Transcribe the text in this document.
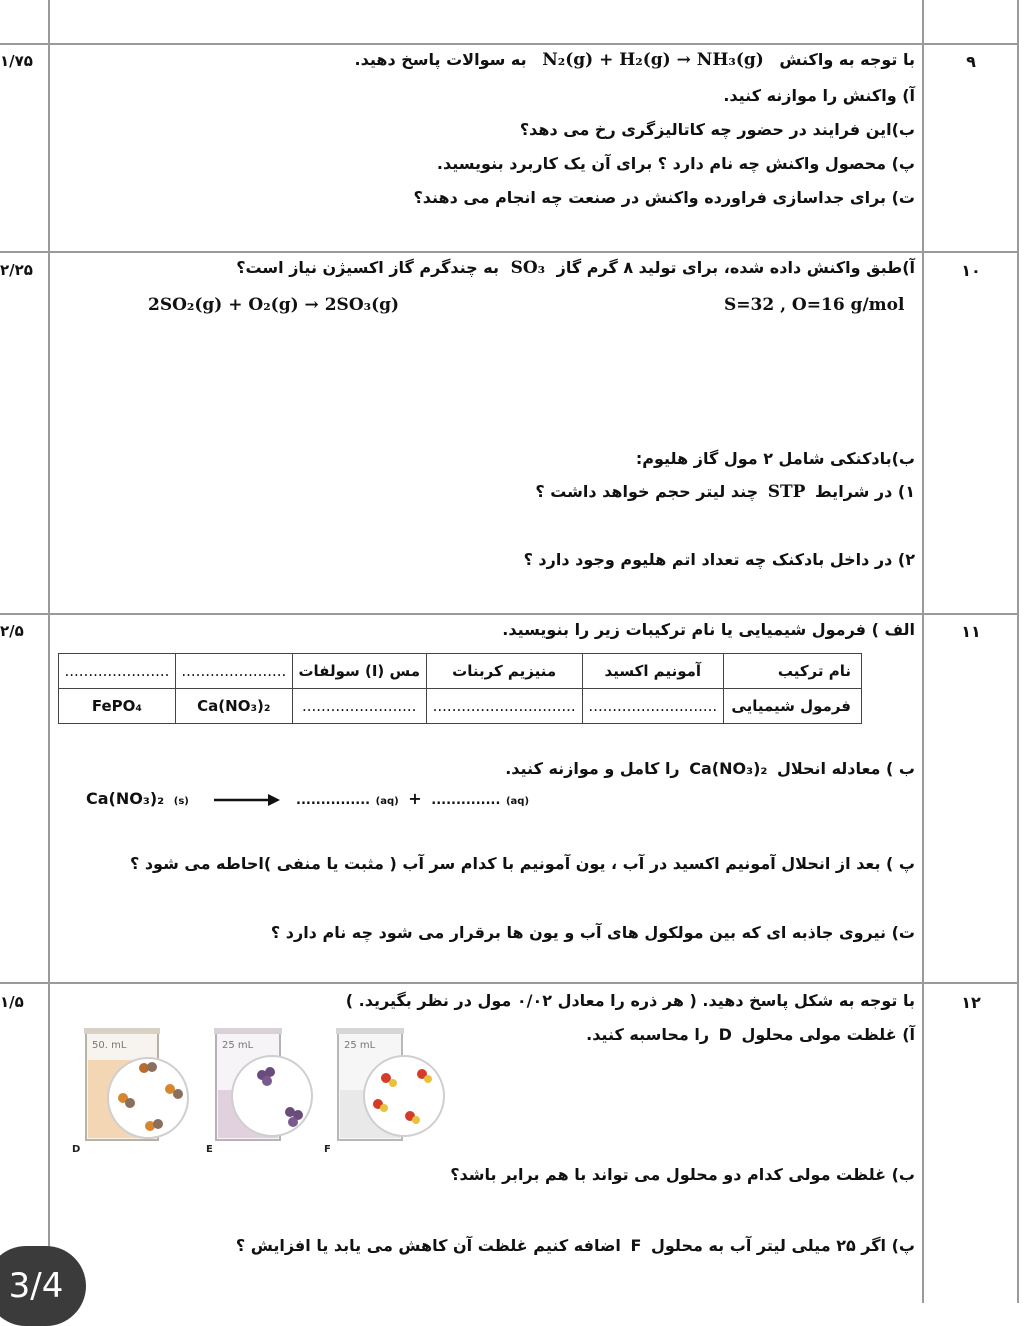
۹
۱/۷۵	با توجه به واکنش N₂(g) + H₂(g) → NH₃(g) به سوالات پاسخ دهید.
آ) واکنش را موازنه کنید.
ب)این فرایند در حضور چه کاتالیزگری رخ می دهد؟
پ) محصول واکنش چه نام دارد ؟ برای آن یک کاربرد بنویسید.
ت) برای جداسازی فراورده واکنش در صنعت چه انجام می دهند؟
۱۰
۲/۲۵	آ)طبق واکنش داده شده، برای تولید ۸ گرم گاز SO₃ به چندگرم گاز اکسیژن نیاز است؟
2SO₂(g) + O₂(g) → 2SO₃(g)	S=32 , O=16 g/mol
ب)بادکنکی شامل ۲ مول گاز هلیوم:
۱) در شرایط STP چند لیتر حجم خواهد داشت ؟
۲) در داخل بادکنک چه تعداد اتم هلیوم وجود دارد ؟
۱۱
۲/۵	الف ) فرمول شیمیایی یا نام ترکیبات زیر را بنویسید.
نام ترکیب	آمونیم اکسید	منیزیم کربنات	مس (I) سولفات	......................	......................
فرمول شیمیایی	...........................	..............................	........................	Ca(NO₃)₂	FePO₄
ب ) معادله انحلال Ca(NO₃)₂ را کامل و موازنه کنید.
Ca(NO₃)₂ (s)	............... (aq) + .............. (aq)
پ ) بعد از انحلال آمونیم اکسید در آب ، یون آمونیم با کدام سر آب ( مثبت یا منفی )احاطه می شود ؟
ت) نیروی جاذبه ای که بین مولکول های آب و یون ها برقرار می شود چه نام دارد ؟
۱۲
۱/۵	با توجه به شکل پاسخ دهید. ( هر ذره را معادل ۰/۰۲ مول در نظر بگیرید. )
آ) غلظت مولی محلول D را محاسبه کنید.
50. mL
D
25 mL
E
25 mL
F
ب) غلظت مولی کدام دو محلول می تواند با هم برابر باشد؟
پ) اگر ۲۵ میلی لیتر آب به محلول F اضافه کنیم غلظت آن کاهش می یابد یا افزایش ؟
3/4
